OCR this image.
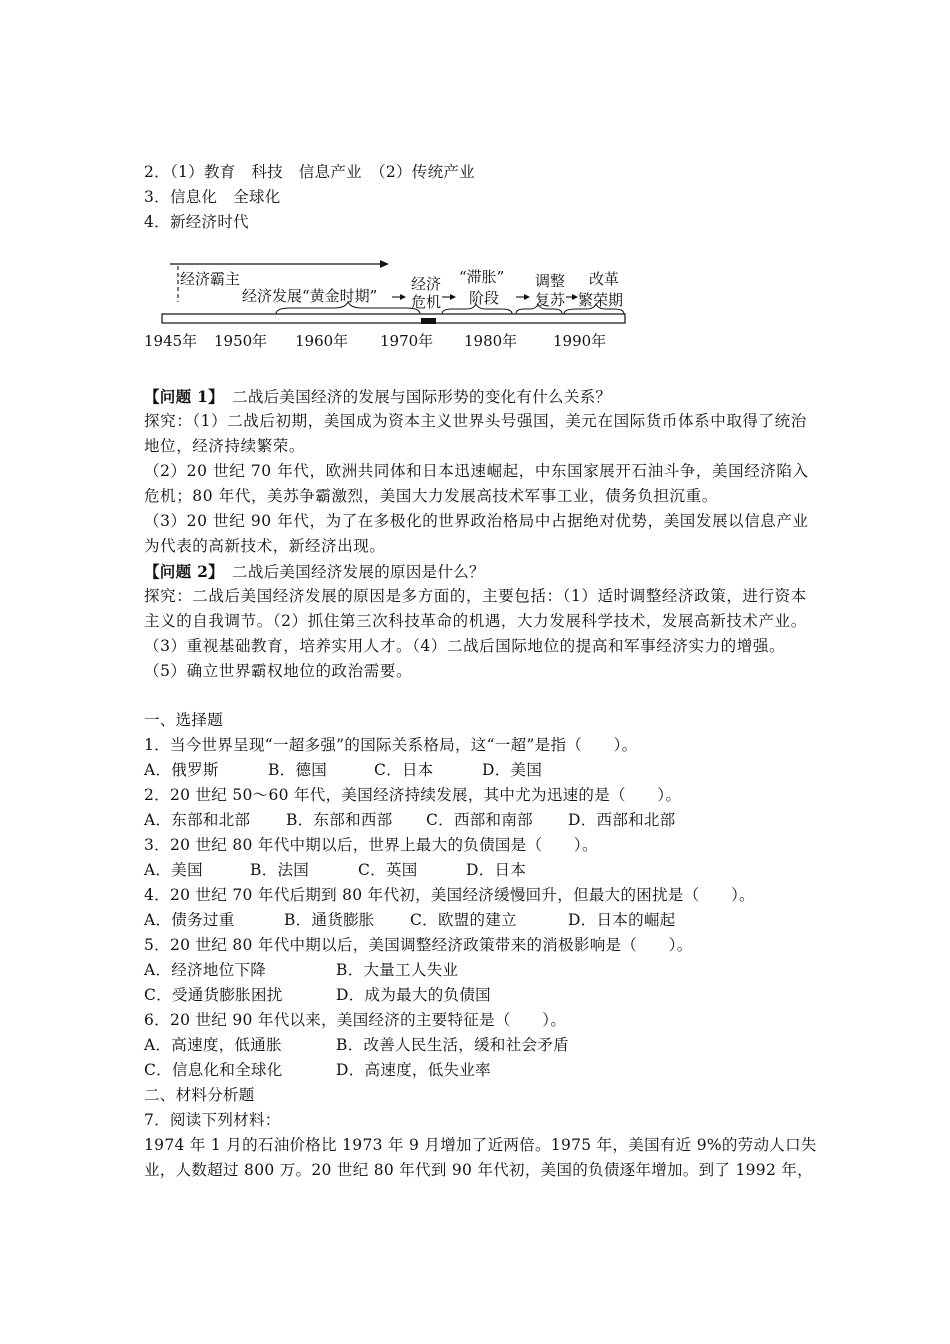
2．（1）教育　科技　信息产业　（2）传统产业
3．信息化　全球化
4．新经济时代
经济霸主
经济发展“黄金时期”
经济
危机
“滞胀”
阶段
调整
复苏
改革
繁荣期
1945年 1950年 1960年 1970年 1980年 1990年
【问题 1】　二战后美国经济的发展与国际形势的变化有什么关系？
探究：（1）二战后初期，美国成为资本主义世界头号强国，美元在国际货币体系中取得了统治地位，经济持续繁荣。
（2）20 世纪 70 年代，欧洲共同体和日本迅速崛起，中东国家展开石油斗争，美国经济陷入危机；80 年代，美苏争霸激烈，美国大力发展高技术军事工业，债务负担沉重。
（3）20 世纪 90 年代，为了在多极化的世界政治格局中占据绝对优势，美国发展以信息产业为代表的高新技术，新经济出现。
【问题 2】　二战后美国经济发展的原因是什么？
探究：二战后美国经济发展的原因是多方面的，主要包括：（1）适时调整经济政策，进行资本主义的自我调节。（2）抓住第三次科技革命的机遇，大力发展科学技术，发展高新技术产业。（3）重视基础教育，培养实用人才。（4）二战后国际地位的提高和军事经济实力的增强。（5）确立世界霸权地位的政治需要。
一、选择题
1．当今世界呈现“一超多强”的国际关系格局，这“一超”是指（　　）。
A．俄罗斯	B．德国	C．日本	D．美国
2．20 世纪 50～60 年代，美国经济持续发展，其中尤为迅速的是（　　）。
A．东部和北部 B．东部和西部 C．西部和南部 D．西部和北部
3．20 世纪 80 年代中期以后，世界上最大的负债国是（　　）。
A．美国	B．法国	C．英国	D．日本
4．20 世纪 70 年代后期到 80 年代初，美国经济缓慢回升，但最大的困扰是（　　）。
A．债务过重	B．通货膨胀 C．欧盟的建立	D．日本的崛起
5．20 世纪 80 年代中期以后，美国调整经济政策带来的消极影响是（　　）。
A．经济地位下降	B．大量工人失业
C．受通货膨胀困扰	D．成为最大的负债国
6．20 世纪 90 年代以来，美国经济的主要特征是（　　）。
A．高速度，低通胀	B．改善人民生活，缓和社会矛盾
C．信息化和全球化	D．高速度，低失业率
二、材料分析题
7．阅读下列材料：
1974 年 1 月的石油价格比 1973 年 9 月增加了近两倍。1975 年，美国有近 9%的劳动人口失
业，人数超过 800 万。20 世纪 80 年代到 90 年代初，美国的负债逐年增加。到了 1992 年，
